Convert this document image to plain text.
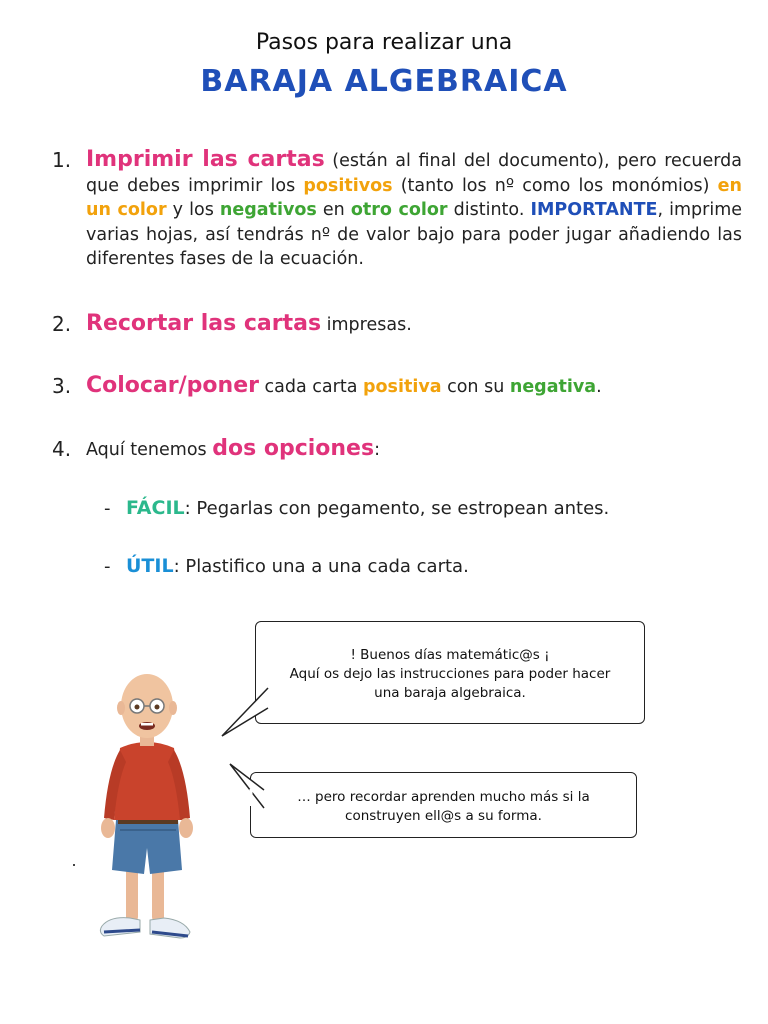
Pasos para realizar una
BARAJA ALGEBRAICA
1. Imprimir las cartas (están al final del documento), pero recuerda que debes imprimir los positivos (tanto los nº como los monómios) en un color y los negativos en otro color distinto. IMPORTANTE, imprime varias hojas, así tendrás nº de valor bajo para poder jugar añadiendo las diferentes fases de la ecuación.
2. Recortar las cartas impresas.
3. Colocar/poner cada carta positiva con su negativa.
4. Aquí tenemos dos opciones:
- FÁCIL: Pegarlas con pegamento, se estropean antes.
- ÚTIL: Plastifico una a una cada carta.
! Buenos días matemátic@s ¡
Aquí os dejo las instrucciones para poder hacer
una baraja algebraica.
… pero recordar aprenden mucho más si la
construyen ell@s a su forma.
